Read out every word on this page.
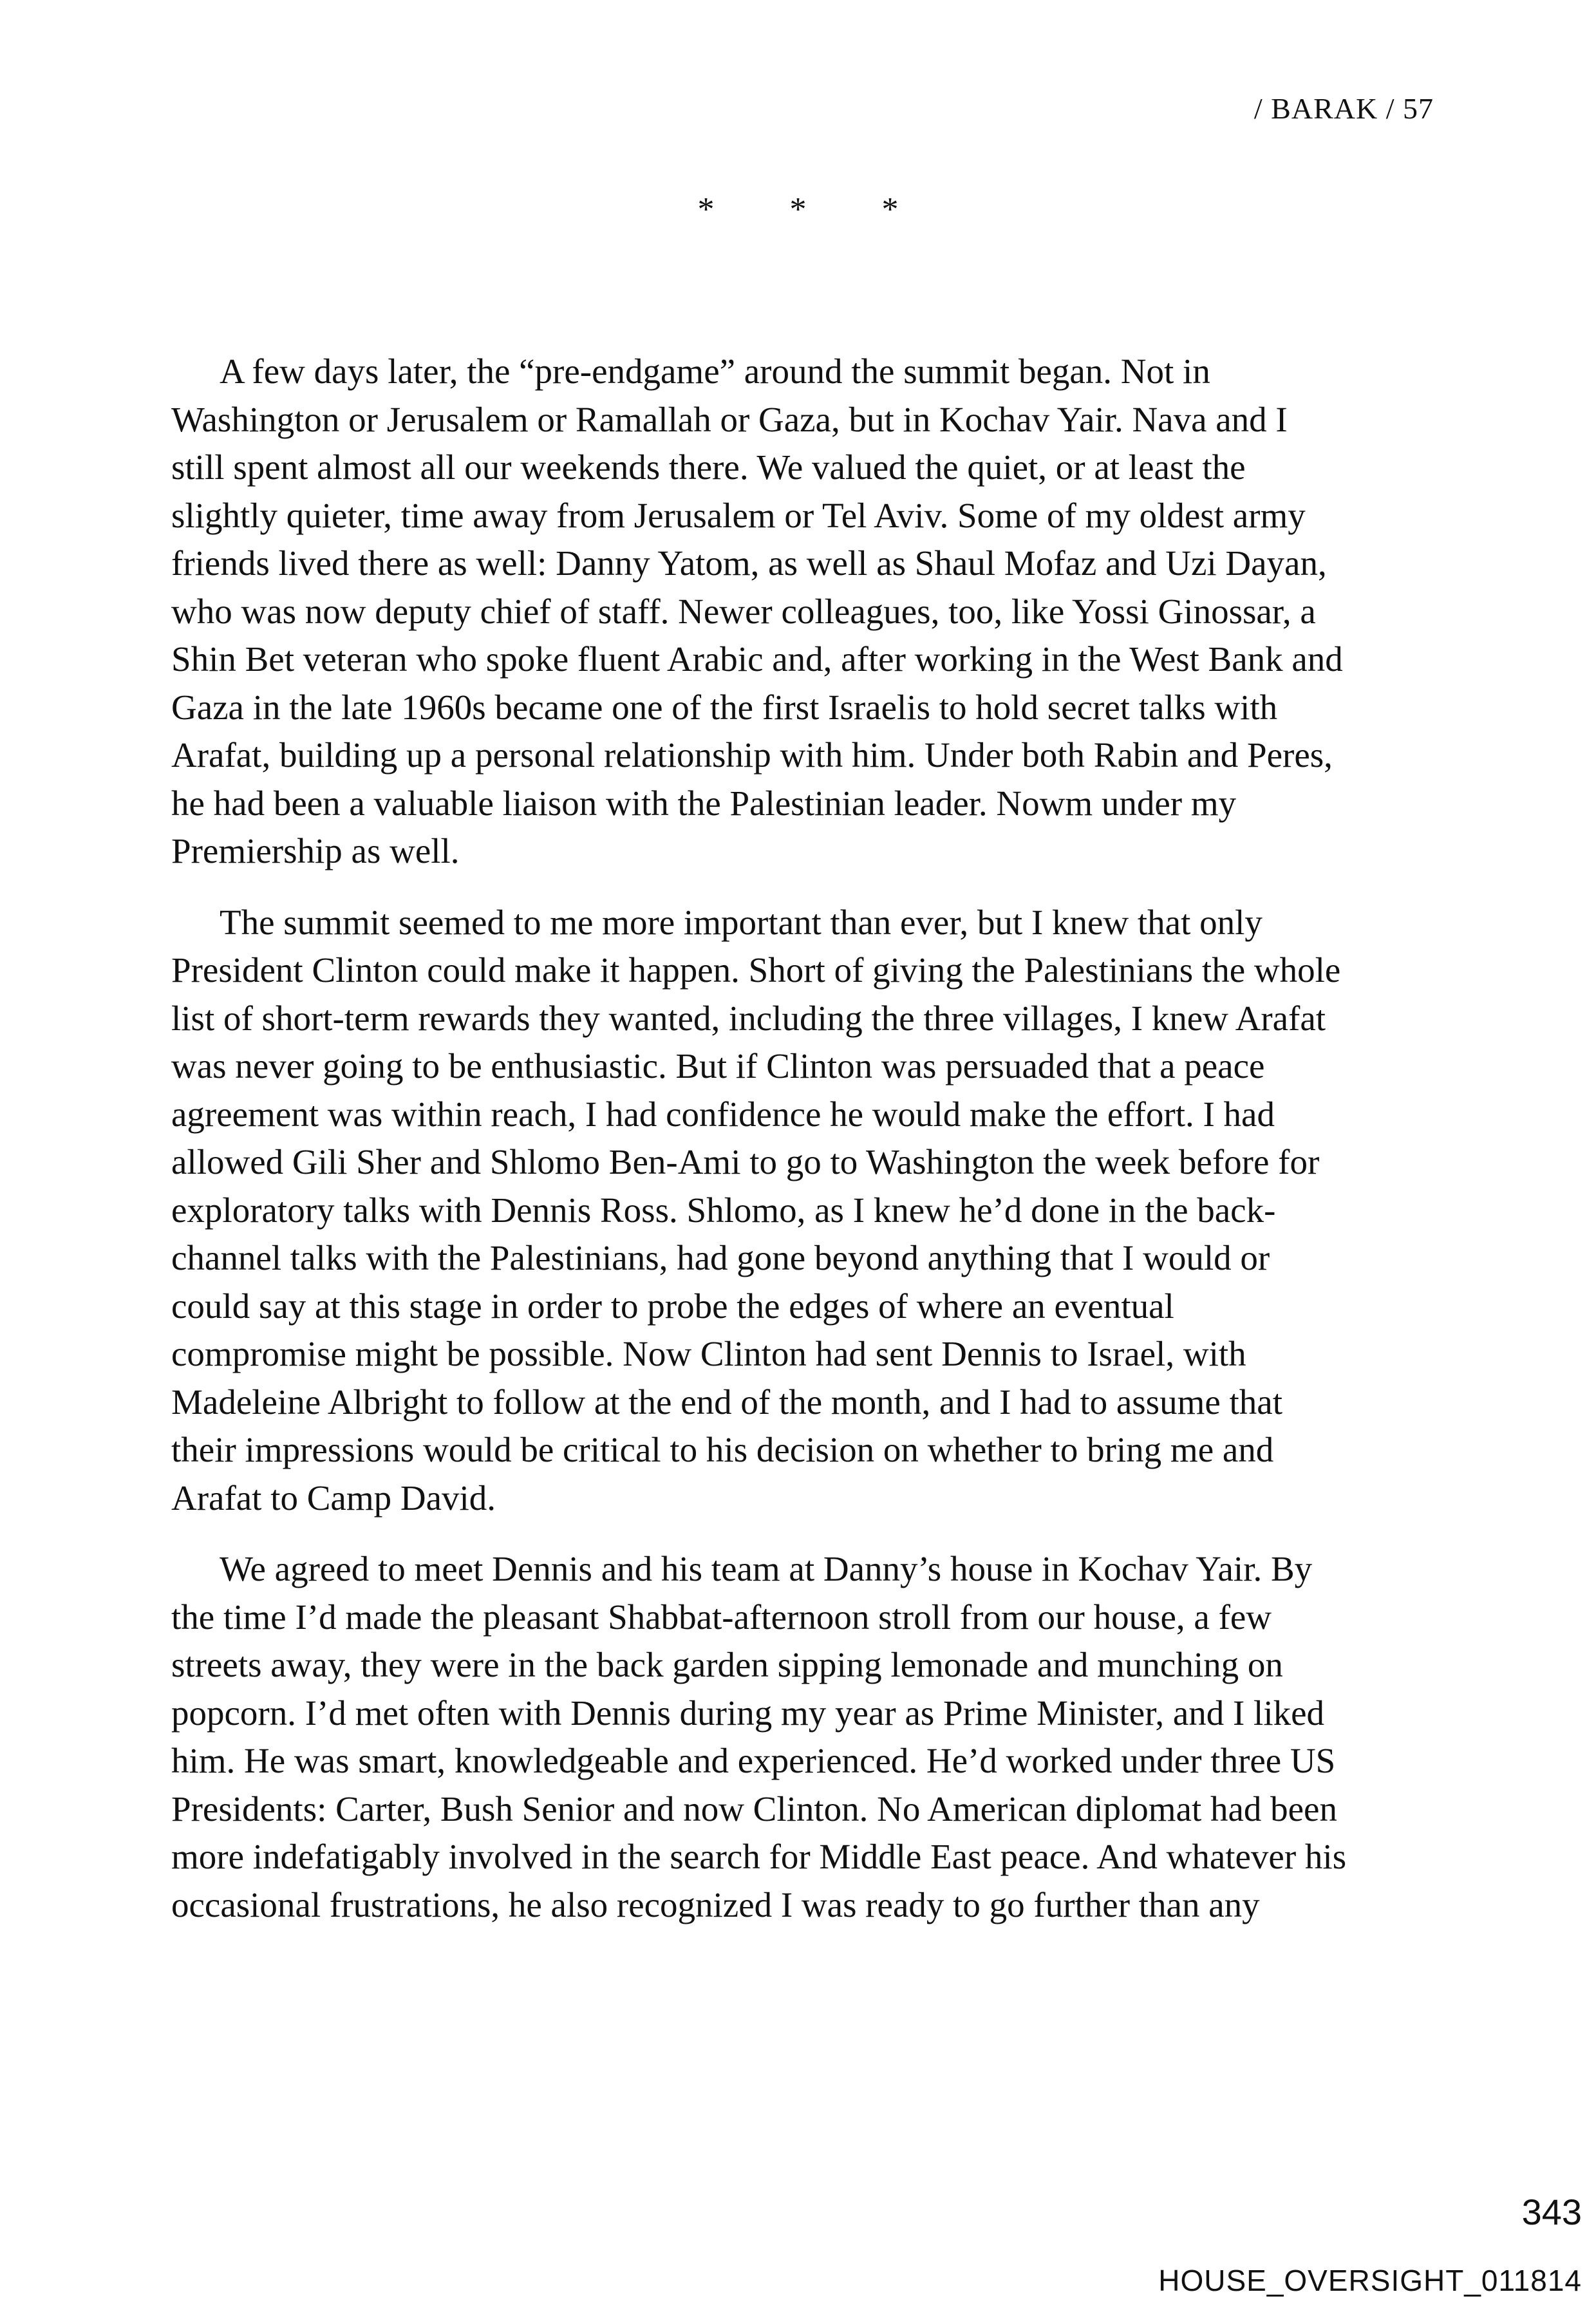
/ BARAK / 57
* * *

A few days later, the “pre-endgame” around the summit began. Not in
Washington or Jerusalem or Ramallah or Gaza, but in Kochav Yair. Nava and I
still spent almost all our weekends there. We valued the quiet, or at least the
slightly quieter, time away from Jerusalem or Tel Aviv. Some of my oldest army
friends lived there as well: Danny Yatom, as well as Shaul Mofaz and Uzi Dayan,
who was now deputy chief of staff. Newer colleagues, too, like Yossi Ginossar, a
Shin Bet veteran who spoke fluent Arabic and, after working in the West Bank and
Gaza in the late 1960s became one of the first Israelis to hold secret talks with
Arafat, building up a personal relationship with him. Under both Rabin and Peres,
he had been a valuable liaison with the Palestinian leader. Nowm under my
Premiership as well.

The summit seemed to me more important than ever, but I knew that only
President Clinton could make it happen. Short of giving the Palestinians the whole
list of short-term rewards they wanted, including the three villages, I knew Arafat
was never going to be enthusiastic. But if Clinton was persuaded that a peace
agreement was within reach, I had confidence he would make the effort. I had
allowed Gili Sher and Shlomo Ben-Ami to go to Washington the week before for
exploratory talks with Dennis Ross. Shlomo, as I knew he’d done in the back-
channel talks with the Palestinians, had gone beyond anything that I would or
could say at this stage in order to probe the edges of where an eventual
compromise might be possible. Now Clinton had sent Dennis to Israel, with
Madeleine Albright to follow at the end of the month, and I had to assume that
their impressions would be critical to his decision on whether to bring me and
Arafat to Camp David.

We agreed to meet Dennis and his team at Danny’s house in Kochav Yair. By
the time I’d made the pleasant Shabbat-afternoon stroll from our house, a few
streets away, they were in the back garden sipping lemonade and munching on
popcorn. I’d met often with Dennis during my year as Prime Minister, and I liked
him. He was smart, knowledgeable and experienced. He’d worked under three US
Presidents: Carter, Bush Senior and now Clinton. No American diplomat had been
more indefatigably involved in the search for Middle East peace. And whatever his
occasional frustrations, he also recognized I was ready to go further than any

343
HOUSE_OVERSIGHT_011814
